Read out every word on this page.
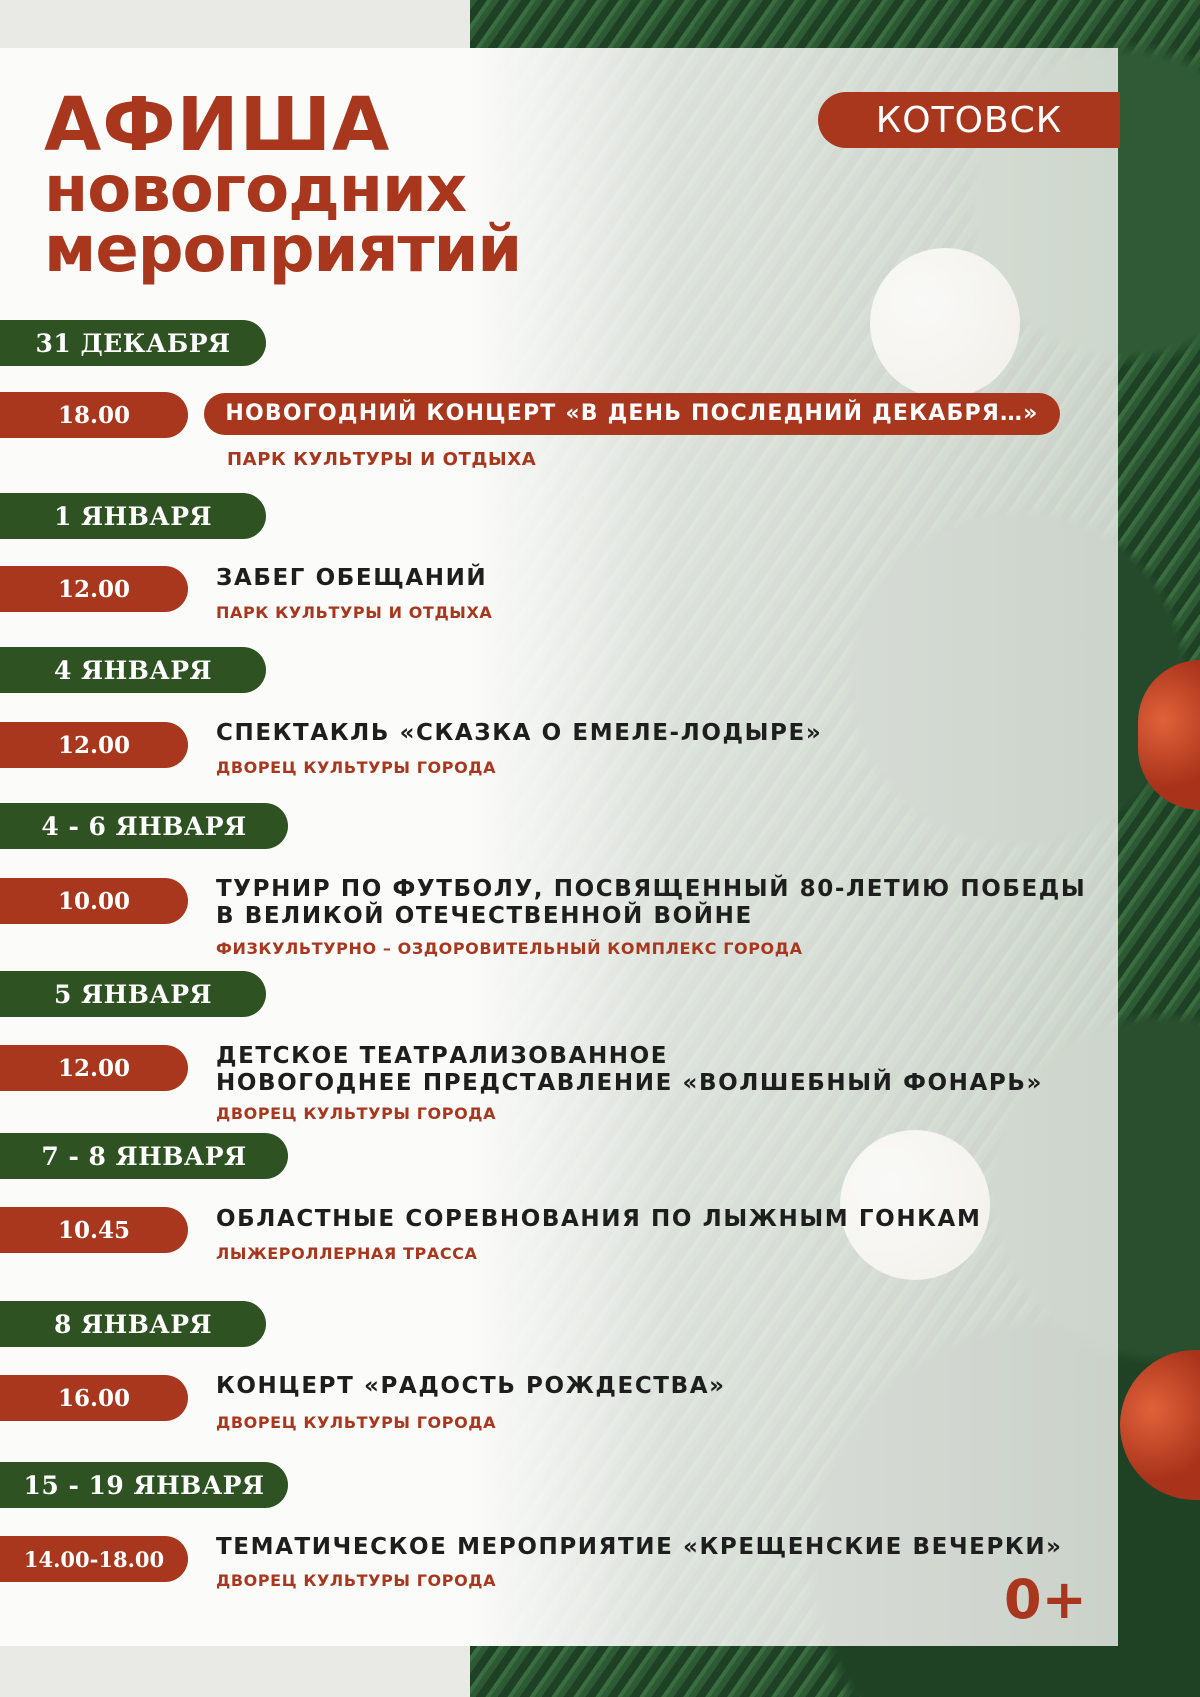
АФИША
новогодних
мероприятий
КОТОВСК
31 ДЕКАБРЯ
18.00	НОВОГОДНИЙ КОНЦЕРТ «В ДЕНЬ ПОСЛЕДНИЙ ДЕКАБРЯ…»

ПАРК КУЛЬТУРЫ И ОТДЫХА

1 ЯНВАРЯ
12.00	ЗАБЕГ ОБЕЩАНИЙ

ПАРК КУЛЬТУРЫ И ОТДЫХА

4 ЯНВАРЯ
12.00	СПЕКТАКЛЬ «СКАЗКА О ЕМЕЛЕ-ЛОДЫРЕ»

ДВОРЕЦ КУЛЬТУРЫ ГОРОДА

4 - 6 ЯНВАРЯ
10.00	ТУРНИР ПО ФУТБОЛУ, ПОСВЯЩЕННЫЙ 80-ЛЕТИЮ ПОБЕДЫ
В ВЕЛИКОЙ ОТЕЧЕСТВЕННОЙ ВОЙНЕ

ФИЗКУЛЬТУРНО – ОЗДОРОВИТЕЛЬНЫЙ КОМПЛЕКС ГОРОДА

5 ЯНВАРЯ
12.00	ДЕТСКОЕ ТЕАТРАЛИЗОВАННОЕ
НОВОГОДНЕЕ ПРЕДСТАВЛЕНИЕ «ВОЛШЕБНЫЙ ФОНАРЬ»

ДВОРЕЦ КУЛЬТУРЫ ГОРОДА

7 - 8 ЯНВАРЯ
10.45	ОБЛАСТНЫЕ СОРЕВНОВАНИЯ ПО ЛЫЖНЫМ ГОНКАМ

ЛЫЖЕРОЛЛЕРНАЯ ТРАССА

8 ЯНВАРЯ
16.00	КОНЦЕРТ «РАДОСТЬ РОЖДЕСТВА»

ДВОРЕЦ КУЛЬТУРЫ ГОРОДА

15 - 19 ЯНВАРЯ
14.00-18.00	ТЕМАТИЧЕСКОЕ МЕРОПРИЯТИЕ «КРЕЩЕНСКИЕ ВЕЧЕРКИ»

ДВОРЕЦ КУЛЬТУРЫ ГОРОДА	0+
